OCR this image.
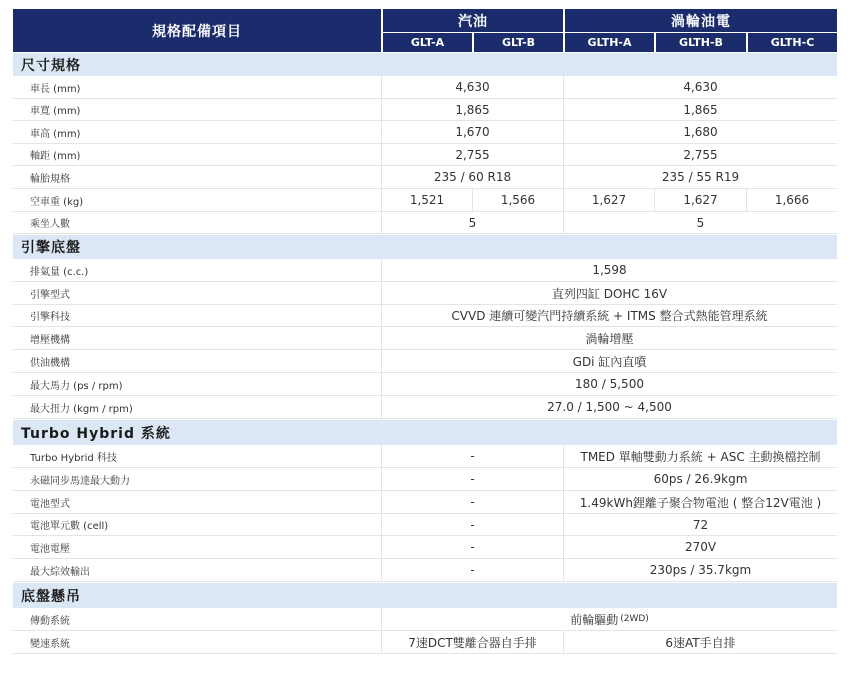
規格配備項目
汽油	渦輪油電
GLT-A	GLT-B	GLTH-A	GLTH-B	GLTH-C
尺寸規格
車長 (mm)	4,630	4,630
車寬 (mm)	1,865	1,865
車高 (mm)	1,670	1,680
軸距 (mm)	2,755	2,755
輪胎規格	235 / 60 R18	235 / 55 R19
空車重 (kg)	1,521	1,566	1,627	1,627	1,666
乘坐人數	5	5
引擎底盤
排氣量 (c.c.)	1,598
引擎型式	直列四缸 DOHC 16V
引擎科技	CVVD 連續可變汽門持續系統 + ITMS 整合式熱能管理系統
增壓機構	渦輪增壓
供油機構	GDi 缸內直噴
最大馬力 (ps / rpm)	180 / 5,500
最大扭力 (kgm / rpm)	27.0 / 1,500 ~ 4,500
Turbo Hybrid 系統
Turbo Hybrid 科技	-	TMED 單軸雙動力系統 + ASC 主動換檔控制
永磁同步馬達最大動力	-	60ps / 26.9kgm
電池型式	-	1.49kWh鋰離子聚合物電池 ( 整合12V電池 )
電池單元數 (cell)	-	72
電池電壓	-	270V
最大綜效輸出	-	230ps / 35.7kgm
底盤懸吊
傳動系統	前輪驅動 (2WD)
變速系統	7速DCT雙離合器自手排	6速AT手自排
